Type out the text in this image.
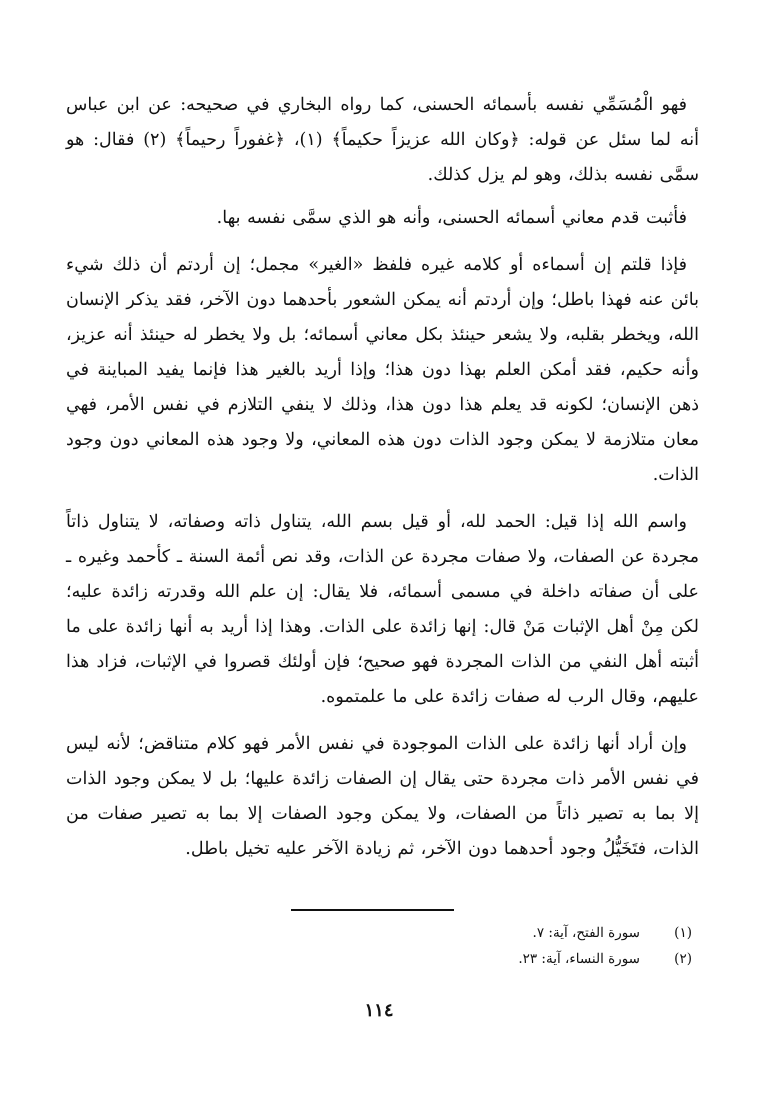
فهو الْمُسَمِّي نفسه بأسمائه الحسنى، كما رواه البخاري في صحيحه: عن ابن عباس أنه لما سئل عن قوله: ﴿وكان الله عزيزاً حكيماً﴾ (١)، ﴿غفوراً رحيماً﴾ (٢) فقال: هو سمَّى نفسه بذلك، وهو لم يزل كذلك.

فأثبت قدم معاني أسمائه الحسنى، وأنه هو الذي سمَّى نفسه بها.

فإذا قلتم إن أسماءه أو كلامه غيره فلفظ «الغير» مجمل؛ إن أردتم أن ذلك شيء بائن عنه فهذا باطل؛ وإن أردتم أنه يمكن الشعور بأحدهما دون الآخر، فقد يذكر الإنسان الله، ويخطر بقلبه، ولا يشعر حينئذ بكل معاني أسمائه؛ بل ولا يخطر له حينئذ أنه عزيز، وأنه حكيم، فقد أمكن العلم بهذا دون هذا؛ وإذا أريد بالغير هذا فإنما يفيد المباينة في ذهن الإنسان؛ لكونه قد يعلم هذا دون هذا، وذلك لا ينفي التلازم في نفس الأمر، فهي معان متلازمة لا يمكن وجود الذات دون هذه المعاني، ولا وجود هذه المعاني دون وجود الذات.

واسم الله إذا قيل: الحمد لله، أو قيل بسم الله، يتناول ذاته وصفاته، لا يتناول ذاتاً مجردة عن الصفات، ولا صفات مجردة عن الذات، وقد نص أئمة السنة ـ كأحمد وغيره ـ على أن صفاته داخلة في مسمى أسمائه، فلا يقال: إن علم الله وقدرته زائدة عليه؛ لكن مِنْ أهل الإثبات مَنْ قال: إنها زائدة على الذات. وهذا إذا أريد به أنها زائدة على ما أثبته أهل النفي من الذات المجردة فهو صحيح؛ فإن أولئك قصروا في الإثبات، فزاد هذا عليهم، وقال الرب له صفات زائدة على ما علمتموه.

وإن أراد أنها زائدة على الذات الموجودة في نفس الأمر فهو كلام متناقض؛ لأنه ليس في نفس الأمر ذات مجردة حتى يقال إن الصفات زائدة عليها؛ بل لا يمكن وجود الذات إلا بما به تصير ذاتاً من الصفات، ولا يمكن وجود الصفات إلا بما به تصير صفات من الذات، فتَخَيُّلُ وجود أحدهما دون الآخر، ثم زيادة الآخر عليه تخيل باطل.

(١)
سورة الفتح، آية: ٧.
(٢)
سورة النساء، آية: ٢٣.
١١٤
